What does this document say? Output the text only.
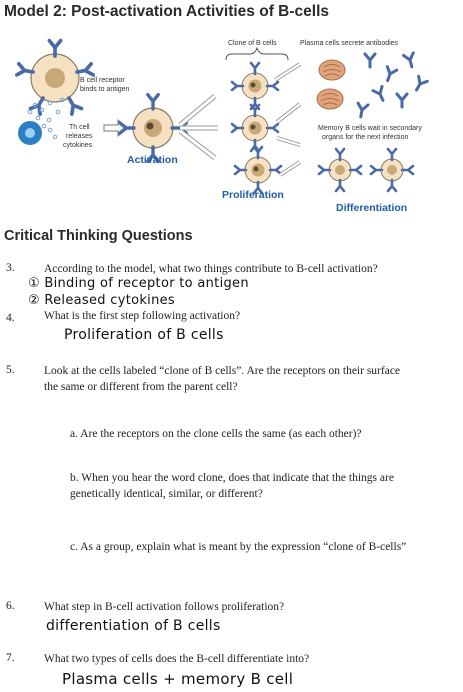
Model 2: Post-activation Activities of B-cells
B cell receptor
binds to antigen
Th cell
releases
cytokines
Activation
Clone of B cells
Proliferation
Plasma cells secrete antibodies
Memory B cells wait in secondary
organs for the next infection
Differentiation
Critical Thinking Questions
3.	According to the model, what two things contribute to B-cell activation?
① Binding of receptor to antigen
② Released cytokines
4.	What is the first step following activation?
Proliferation of B cells
5.	Look at the cells labeled “clone of B cells”. Are the receptors on their surface
the same or different from the parent cell?
a. Are the receptors on the clone cells the same (as each other)?
b. When you hear the word clone, does that indicate that the things are
genetically identical, similar, or different?
c. As a group, explain what is meant by the expression “clone of B-cells”
6.	What step in B-cell activation follows proliferation?
differentiation of B cells
7.	What two types of cells does the B-cell differentiate into?
Plasma cells + memory B cell
